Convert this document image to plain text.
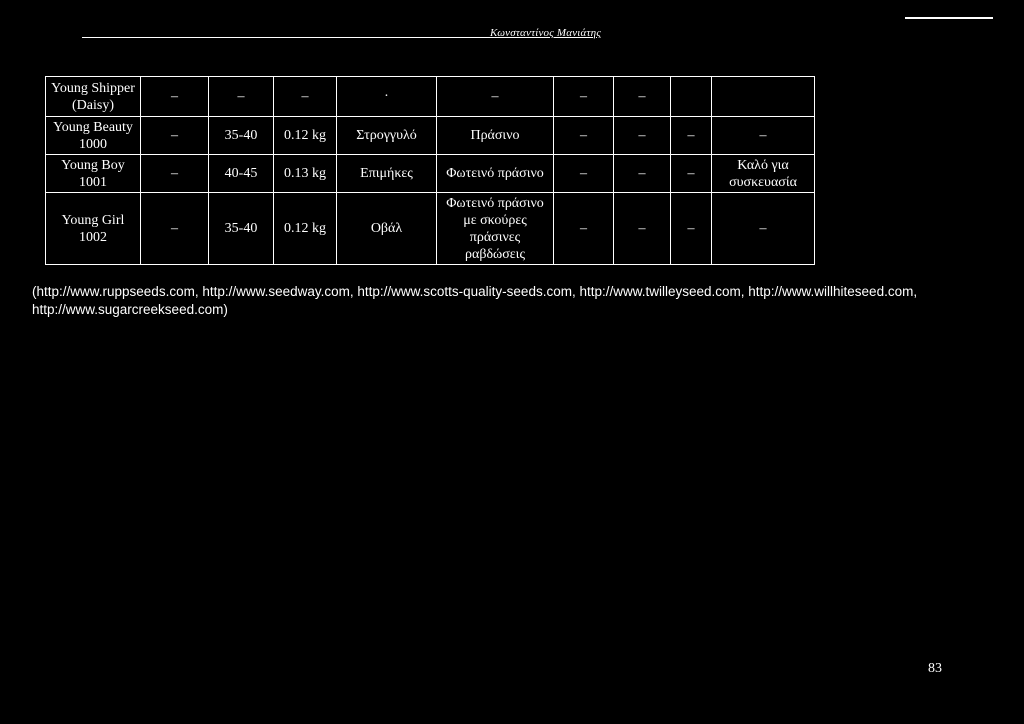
Κωνσταντίνος Μανιάτης
Young Shipper (Daisy)	–	–	–	·	–	–	–		
Young Beauty 1000	–	35-40	0.12 kg	Στρογγυλό	Πράσινο	–	–	–	–
Young Boy 1001	–	40-45	0.13 kg	Επιμήκες	Φωτεινό πράσινο	–	–	–	Καλό για συσκευασία
Young Girl 1002	–	35-40	0.12 kg	Οβάλ	Φωτεινό πράσινο με σκούρες πράσινες ραβδώσεις	–	–	–	–
(http://www.ruppseeds.com, http://www.seedway.com, http://www.scotts-quality-seeds.com, http://www.twilleyseed.com, http://www.willhiteseed.com, http://www.sugarcreekseed.com)
83
